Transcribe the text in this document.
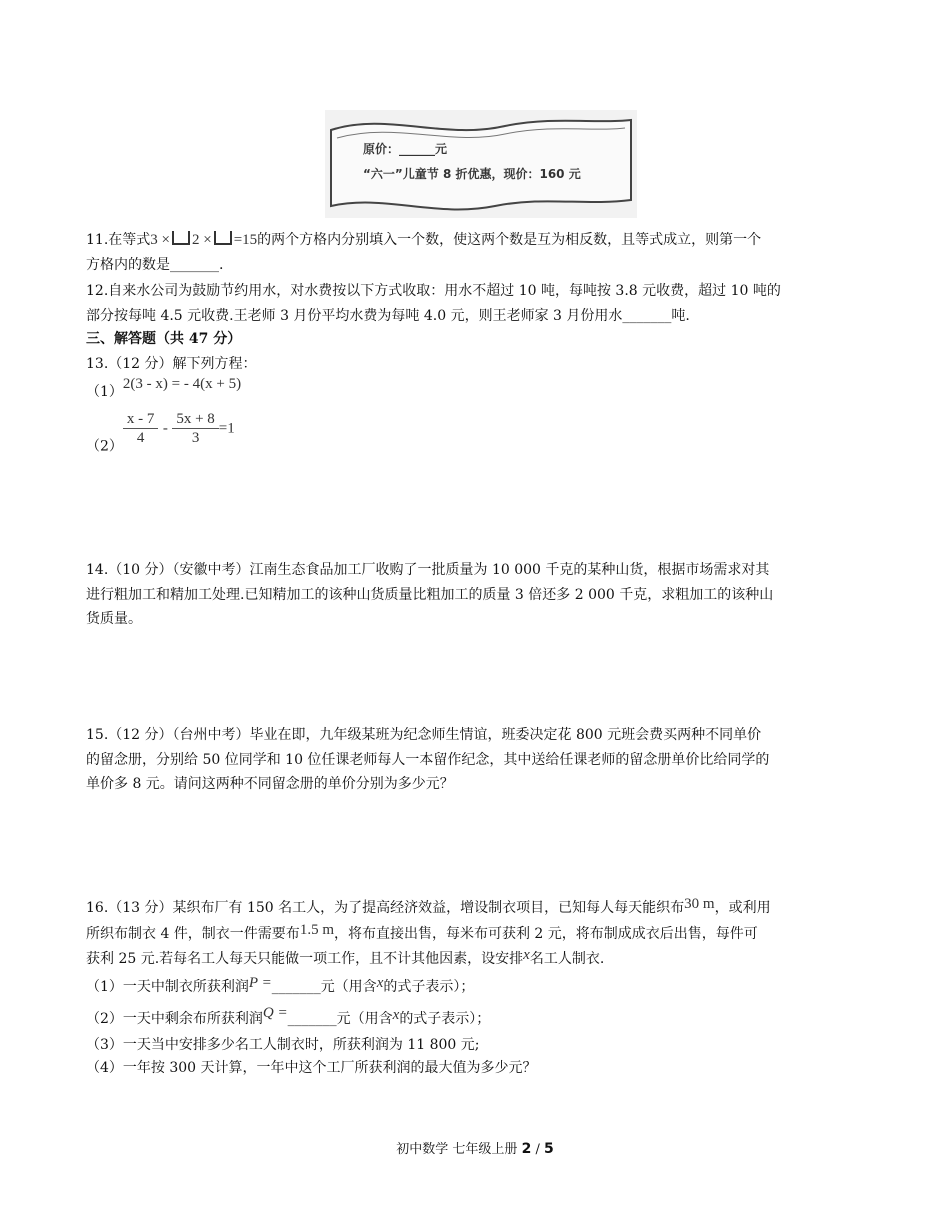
原价：______元
“六一”儿童节 8 折优惠，现价：160 元
11.在等式3 × 2 × =15的两个方格内分别填入一个数，使这两个数是互为相反数，且等式成立，则第一个
方格内的数是_______.
12.自来水公司为鼓励节约用水，对水费按以下方式收取：用水不超过 10 吨，每吨按 3.8 元收费，超过 10 吨的
部分按每吨 4.5 元收费.王老师 3 月份平均水费为每吨 4.0 元，则王老师家 3 月份用水_______吨.
三、解答题（共 47 分）
13.（12 分）解下列方程：
（1）2(3 - x) = - 4(x + 5)
$(2) \frac{x - 7}{4} - \frac{5x + 8}{3} =1$
14.（10 分）（安徽中考）江南生态食品加工厂收购了一批质量为 10 000 千克的某种山货，根据市场需求对其
进行粗加工和精加工处理.已知精加工的该种山货质量比粗加工的质量 3 倍还多 2 000 千克，求粗加工的该种山
货质量。
15.（12 分）（台州中考）毕业在即，九年级某班为纪念师生情谊，班委决定花 800 元班会费买两种不同单价
的留念册，分别给 50 位同学和 10 位任课老师每人一本留作纪念，其中送给任课老师的留念册单价比给同学的
单价多 8 元。请问这两种不同留念册的单价分别为多少元？
16.（13 分）某织布厂有 150 名工人，为了提高经济效益，增设制衣项目，已知每人每天能织布30 m，或利用
所织布制衣 4 件，制衣一件需要布1.5 m，将布直接出售，每米布可获利 2 元，将布制成成衣后出售，每件可
获利 25 元.若每名工人每天只能做一项工作，且不计其他因素，设安排x名工人制衣.
（1）一天中制衣所获利润P =_______元（用含x的式子表示）；
（2）一天中剩余布所获利润Q =_______元（用含x的式子表示）；
（3）一天当中安排多少名工人制衣时，所获利润为 11 800 元;
（4）一年按 300 天计算，一年中这个工厂所获利润的最大值为多少元？
初中数学 七年级上册 2 / 5
